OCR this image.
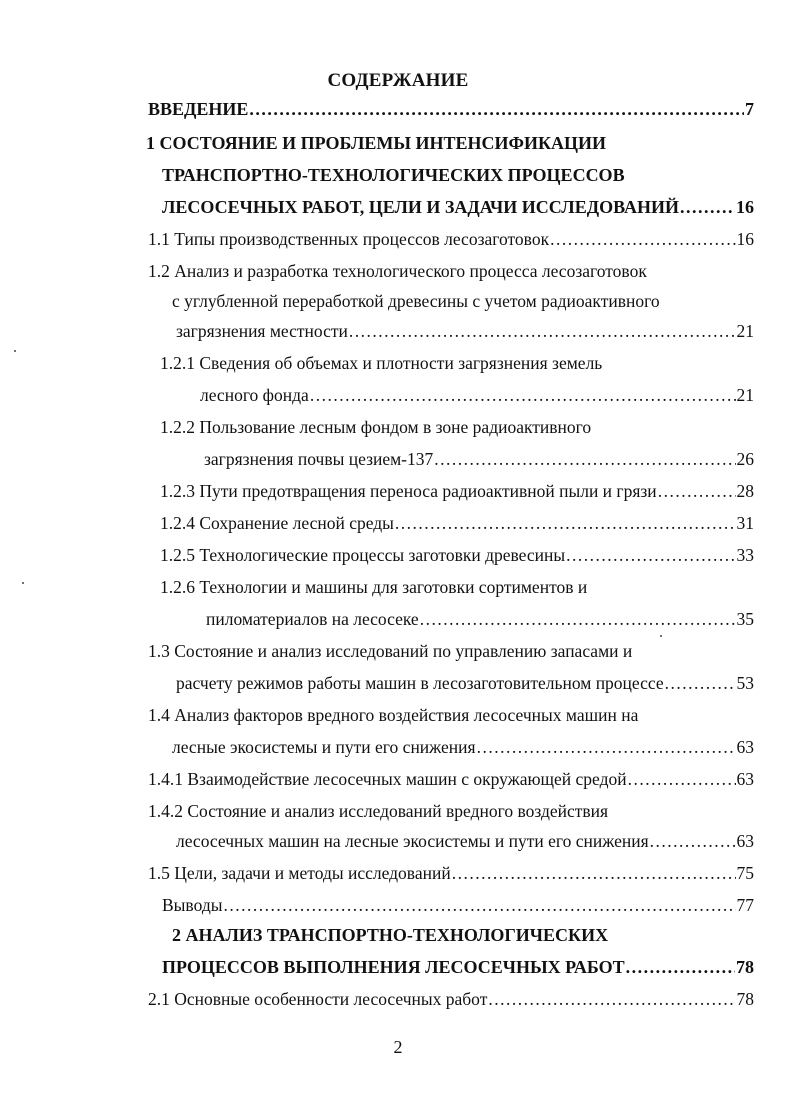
СОДЕРЖАНИЕ
ВВЕДЕНИЕ .....	7
1 СОСТОЯНИЕ И ПРОБЛЕМЫ ИНТЕНСИФИКАЦИИ
ТРАНСПОРТНО-ТЕХНОЛОГИЧЕСКИХ ПРОЦЕССОВ
ЛЕСОСЕЧНЫХ РАБОТ, ЦЕЛИ И ЗАДАЧИ ИССЛЕДОВАНИЙ .....	16
1.1 Типы производственных процессов лесозаготовок .....	16
1.2 Анализ и разработка технологического процесса лесозаготовок
с углубленной переработкой древесины с учетом радиоактивного
загрязнения местности .....	21
1.2.1 Сведения об объемах и плотности загрязнения земель
лесного фонда .....	21
1.2.2 Пользование лесным фондом в зоне радиоактивного
загрязнения почвы цезием-137 .....	26
1.2.3 Пути предотвращения переноса радиоактивной пыли и грязи .....	28
1.2.4 Сохранение лесной среды .....	31
1.2.5 Технологические процессы заготовки древесины .....	33
1.2.6 Технологии и машины для заготовки сортиментов и
пиломатериалов на лесосеке .....	35
1.3 Состояние и анализ исследований по управлению запасами и
расчету режимов работы машин в лесозаготовительном процессе .....	53
1.4 Анализ факторов вредного воздействия лесосечных машин на
лесные экосистемы и пути его снижения .....	63
1.4.1 Взаимодействие лесосечных машин с окружающей средой .....	63
1.4.2 Состояние и анализ исследований вредного воздействия
лесосечных машин на лесные экосистемы и пути его снижения .....	63
1.5 Цели, задачи и методы исследований .....	75
Выводы .....	77
2 АНАЛИЗ ТРАНСПОРТНО-ТЕХНОЛОГИЧЕСКИХ
ПРОЦЕССОВ ВЫПОЛНЕНИЯ ЛЕСОСЕЧНЫХ РАБОТ .....	78
2.1 Основные особенности лесосечных работ .....	78
2
